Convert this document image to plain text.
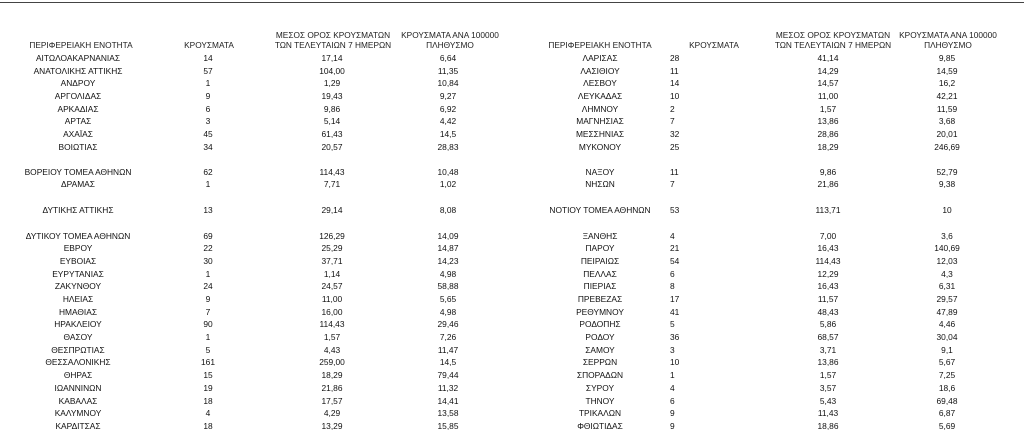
ΠΕΡΙΦΕΡΕΙΑΚΗ ΕΝΟΤΗΤΑ	ΚΡΟΥΣΜΑΤΑ
ΜΕΣΟΣ ΟΡΟΣ ΚΡΟΥΣΜΑΤΩΝ
ΤΩΝ ΤΕΛΕΥΤΑΙΩΝ 7 ΗΜΕΡΩΝ
ΚΡΟΥΣΜΑΤΑ ΑΝΑ 100000
ΠΛΗΘΥΣΜΟ
ΑΙΤΩΛΟΑΚΑΡΝΑΝΙΑΣ	14	17,14	6,64
ΑΝΑΤΟΛΙΚΗΣ ΑΤΤΙΚΗΣ	57	104,00	11,35
ΑΝΔΡΟΥ	1	1,29	10,84
ΑΡΓΟΛΙΔΑΣ	9	19,43	9,27
ΑΡΚΑΔΙΑΣ	6	9,86	6,92
ΑΡΤΑΣ	3	5,14	4,42
ΑΧΑΪΑΣ	45	61,43	14,5
ΒΟΙΩΤΙΑΣ	34	20,57	28,83
ΒΟΡΕΙΟΥ ΤΟΜΕΑ ΑΘΗΝΩΝ	62	114,43	10,48
ΔΡΑΜΑΣ	1	7,71	1,02
ΔΥΤΙΚΗΣ ΑΤΤΙΚΗΣ	13	29,14	8,08
ΔΥΤΙΚΟΥ ΤΟΜΕΑ ΑΘΗΝΩΝ	69	126,29	14,09
ΕΒΡΟΥ	22	25,29	14,87
ΕΥΒΟΙΑΣ	30	37,71	14,23
ΕΥΡΥΤΑΝΙΑΣ	1	1,14	4,98
ΖΑΚΥΝΘΟΥ	24	24,57	58,88
ΗΛΕΙΑΣ	9	11,00	5,65
ΗΜΑΘΙΑΣ	7	16,00	4,98
ΗΡΑΚΛΕΙΟΥ	90	114,43	29,46
ΘΑΣΟΥ	1	1,57	7,26
ΘΕΣΠΡΩΤΙΑΣ	5	4,43	11,47
ΘΕΣΣΑΛΟΝΙΚΗΣ	161	259,00	14,5
ΘΗΡΑΣ	15	18,29	79,44
ΙΩΑΝΝΙΝΩΝ	19	21,86	11,32
ΚΑΒΑΛΑΣ	18	17,57	14,41
ΚΑΛΥΜΝΟΥ	4	4,29	13,58
ΚΑΡΔΙΤΣΑΣ	18	13,29	15,85
ΠΕΡΙΦΕΡΕΙΑΚΗ ΕΝΟΤΗΤΑ	ΚΡΟΥΣΜΑΤΑ
ΜΕΣΟΣ ΟΡΟΣ ΚΡΟΥΣΜΑΤΩΝ
ΤΩΝ ΤΕΛΕΥΤΑΙΩΝ 7 ΗΜΕΡΩΝ
ΚΡΟΥΣΜΑΤΑ ΑΝΑ 100000
ΠΛΗΘΥΣΜΟ
ΛΑΡΙΣΑΣ	28	41,14	9,85
ΛΑΣΙΘΙΟΥ	11	14,29	14,59
ΛΕΣΒΟΥ	14	14,57	16,2
ΛΕΥΚΑΔΑΣ	10	11,00	42,21
ΛΗΜΝΟΥ	2	1,57	11,59
ΜΑΓΝΗΣΙΑΣ	7	13,86	3,68
ΜΕΣΣΗΝΙΑΣ	32	28,86	20,01
ΜΥΚΟΝΟΥ	25	18,29	246,69
ΝΑΞΟΥ	11	9,86	52,79
ΝΗΣΩΝ	7	21,86	9,38
ΝΟΤΙΟΥ ΤΟΜΕΑ ΑΘΗΝΩΝ	53	113,71	10
ΞΑΝΘΗΣ	4	7,00	3,6
ΠΑΡΟΥ	21	16,43	140,69
ΠΕΙΡΑΙΩΣ	54	114,43	12,03
ΠΕΛΛΑΣ	6	12,29	4,3
ΠΙΕΡΙΑΣ	8	16,43	6,31
ΠΡΕΒΕΖΑΣ	17	11,57	29,57
ΡΕΘΥΜΝΟΥ	41	48,43	47,89
ΡΟΔΟΠΗΣ	5	5,86	4,46
ΡΟΔΟΥ	36	68,57	30,04
ΣΑΜΟΥ	3	3,71	9,1
ΣΕΡΡΩΝ	10	13,86	5,67
ΣΠΟΡΑΔΩΝ	1	1,57	7,25
ΣΥΡΟΥ	4	3,57	18,6
ΤΗΝΟΥ	6	5,43	69,48
ΤΡΙΚΑΛΩΝ	9	11,43	6,87
ΦΘΙΩΤΙΔΑΣ	9	18,86	5,69
